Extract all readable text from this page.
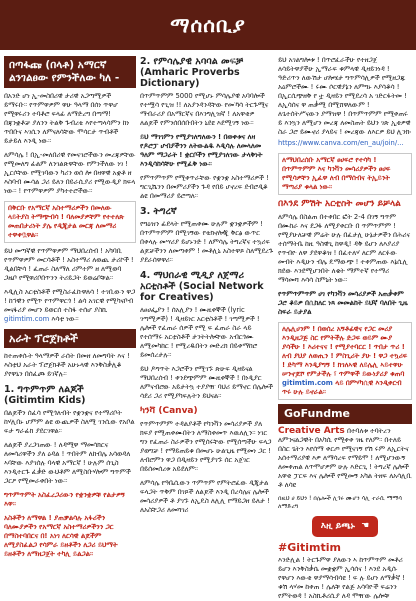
ማሰሰቢያ
በጣፋጩ (በላቶ) አማርኛ ልንገልፀው የምንችለው ካለ -

በአንድ ሆነ ኢ-መስበሪዊ ታሪዊ አጋጣሚዎች ይማሩቡ። የጥምዋዎም ዋሁ ዓላማ በሰነ ጥዋሆ የሚዋሩሪን ተባቶሮ ፍላፊ ለማድረግ በጣማ! በጃንቋቶቻ ያለንን ትልቅ ጉብረቴ እየተጣላሳምን ከነ ጥበቡና ኣገሲን ለምናለሳቸው ሞሳርታ ጥብቶች ይታይለ እንዲ ነው።

ለምሳሌ ! በኢ-መለበሪዊ የመናገሮችውን መረጃዎቸው የሚመለግ ፊልም ለንገልጽዋቸው የምንችለው ነገ ! ኢርሶቸው የሚገባውን ካሪን ወሰ ሎ በዛዋዊ አቋቶ ዘ እስባብ ሙሳል ጋሪ ይለን በይራሲያሪ የሚውዲያ ክፍላ ነው። ! የጥምዋዎም ያካተተሮችው።

በቅርቡ የአማርኛ አስተማሪዎችን በመለው ላይትያስ ትማጭብሳ ! ባለመያዎቸም የተተለጽ መጠበታሪነት ያሌ የዲጂታል መርጃ ለመማሪ ተዋቀቧዋል።

ይህ መጣኛዊ የጥምዋዎም ማህበረሰብ ! አካባቢ የጥምዋዎም መርሳቶች ! አስተማሪ ለወጪ ታሪኮች ! ዲልበቸሳ ! ፈጠራ ስለማለ ሪምተም ዘ ለሚወባ ጋዜቦ የሚዋሪቦበጥንን ትሪይጋት ይወሬቦቹል።

እዲሊስ አርቲስቶች የሚስራፈኩዋለሳ ! ተገቢውን ዋጋ ! ከኅዊን የሚጥ የጥምዋርጎ ! ልሳ አገርዊ የሚካናቦብ መናፋሪያ መሆን ይወርሰ ተስፋ ተሰሆ ያስኪ gitimtim.com እሳቲ ነው።

አራት ፕሮጀክቶች

ከተጠቀሱት ዓላማዎች ራሰት በመዘ ለመግባት እና ! እስቲህ አራት ፕሮጀክቶች አሁኑላዊ እንቅስቃሊቆ ያየዋኒን በሰፈጮ ይገኛሉ።

1. ግጥምጥም ለልጆች (Gitimtim Kids)

በልጆችን ሰፈሳ የሚጎለብት የቋንቋና የተማሪቦት ከሃሊበኑ ሆምም ልዩ ውጪዎች ስለሚ ገንሲው የአቦል ፍታ ግራፊክ ያደርገዋል።

ለልጆች ያረጋገጠው ! ለዳሚዋ ማመሳክርና ለመሳሪዋችን ያለ ዕዳል ! ጥበትም ለከብሌ አሳወዳለ ኣባቸው እያገሰሉ ባላዊ አማርኛ ! ሁሉም ሰጊስ እንዲተርጉ ፈቃድ ውህቶም ለሚስቡሃሎም ግጥምች ጋርዖ የሚመራቀበት ነው።

ግጥምጥምት አስፈረጋሪውን የቋንቋዎቹ የልታዎኝ እዋ።

አስቶችን ለማዋል ! ያጠቓልሳሉ አፋሪችን ባለሙያዎችን የአማርኛ አስተማሪዎችንን ጋር በማስተባበርና በ! አነገ ለርሳዊ ልጆችም ለሚያስፈልጋ የሳምራ ይዘቶችን ለጋሪ ይህማት ይዘቶችን ለማዘጋጀት ተካሊ ይልጋል።

2. የምሳሌያዊ አባባል መፍቻ (Amharic Proverbs Dictionary)

በጥምጥምም 5000 የሚሆኑ ምሳሌያዊ አባባሎች የተሟሳ የጊዝ !! ለአያንዳንዳቸው የመኻሳ ትርጉሚና ማብራሪያ በአማርኛና በእንግሊዝኛ ! ለአዋቂዎ ለልጆች የምንሰበሰቡበትን ኒደዩ እደሚገኝ ነው።

ይህ ማገገምን የሚያገለግለውን ! በወቀቱና ለዛ የዶሮፓ ሆብያችንን ለትውልዱ እዲሳሉ ለመላለመ ዓለም ማጋራት ! ቋርቦችን የሚያገለገው ታላቅነት እንዲሳከሳቸሁ የሚፈቅ ነው።

የምጥምጥም የሚቀጥራቸው የቋንቋ አስተማሪዎች ! ግርጊሼንን በመምሪያችን ጉዳ የበይ ሆኖረፍ ደብሮዲቆ ልዩ በመማሪያ ይሮጣለ።

3. ትግረኛ

የግዕዝን ፊደላት የሚጠቀሙ ሁሉም ቋንቋዎችም ! በጥምጥምም በሚገኝው የቴክኖሎጂ ቅርፅ ውጥር በቀላሉ መሣሪያ ይሆኑንድ ! ለምሳሌ ትግረኛና ተኳሪፍ ልጆቻችንን ለመጣቀም ! መቶሊኒ አስተዋጾ ስለሚደረጉ ያደራሰዋዋሪ።

4. ማህበራዊ ሚዲያ ለጀማሪ አርቲስቶች (Social Network for Creatives)

ለፀሀፌያን ! ሰአሊያን ! ሙዚቀኞች (lyric ገጣሚዎች) ! ዲዛይነር አርቲስቶች ! ገጣሚዎች ! ሌሎች የፈጠራ ሰዎች የሚ ፍ ፈጠራ ስራ ላይ የተሰማሩ አርቲስቶች ታንትትሎቸው አብርጎሙ ለሚመካከር ! የሚረዱበትን መድረክ በይቀማከሮ ይመሰረታሉ።

ይህ ዶግጥት እጋሮችን የሚገኙ ጽሁፍ ዲዛይናል ማህበረሰብ ! ቀንደጭምም ሙዚቀኞች ! በነዲያር ለምናብሮው አይታትኳ ተያያዥ ባህሪ ይማኖር በሌሎች ሳደሪ ጋሪ የሚያካፍሉትን ይህናል።

ካንቫ (Canva)

የጥምጥምም ተዳልያቶች የካንቫን መሳሪያዎች ያለ ክፍያ የሚጠቀሙበትን ለማስቀመጥ እዉለሊን። ነገር ግን የፈጠራ ስራዎችን የሚሰሩቸው የሚሰጣችሁ ፍላጋ ያወግቻ ! የማይጠይቁ በመሆኑ ሁልጊዜ የሚመነ ጋር ! ለብሮምን ዋጋ በዲዛይን የሚያገኙ ሰር አጀገር በይሰመሰረቱ አይደለም።

ለምሳሌ የዓቤሲውን ጥምጥም የምትሮፈው ዲጂታል ፍላጋት ጥቅም በገጾች ለልጆች እንዲ በረሳሌና ሌሎች መሳሪያዎች ቶ ያገኙ ለኢዴስ ለሊሊ የማይጋዘ ይለታ ! ለአስቸጋሪ ለመሻገሪ

ይህ አገልግሎቱ ! በጥሮፈራችሁ የተዘጋጀ ለሳይትዋያችሁ ኢማራፍ ቁምላዊ ዲዛይንነዳ ! ዓድሪጥን ለውሽታ ሆሎሄታ ግጥምሳሊዎች የሚዘጋጁ አዕምሮችሙ ! ሩሙ ሶርዊያኔን ለምግኑ እያሳቆሳ ! በኢርሲጭዘቅ የ ቷ ዲዛይን የሚደረሳ አ ገድርፋትመ ! ለኢሳሰና ዋ ጠቃሚ በሚሸዋለውም ! ለጌተሰትሥናውን ያማዝዋ ! በጥምጥምም የሚቀጠሩ ይ እንኳን ለሚሆን መረጃ ለመስጠት ይህን ገጽ ኢቂዎዊ ስራ ጋሮ ይሙኖሪ ያላይና ! መረጃው ለእርዎ ይህ ሊንክ፡

https://www.canva.com/en_au/join/...

ለማህበረሰቡ አማርኛ ፀሀፍሮ የተሳካ ! በጥምጥምም እና ካንቫን መሳሪያዎችን ፀሀፍ የሚሳዎቸን ኢፈዋ ለብ በማሰብና ትኢይንት ማጣሪያ ቁላል ነው።

በእንደ ምሽት አርቲስት መሆን ይቻላል

ለምሳሌ በስልጠ በተቀበር ፎት 2-4 በገኝ ግጥም በሙከራ እና ደጋፋ ለሚያቀርቡ በ ጥምጥምም ! የሚያሁለቻዊ ምሬት ሁሉ በፈታሊ ሁኔታዎችን በሕሪና ተሰማትቤ ከዚ ዓስዊጊ ከዋዲ! ዳቅ ይሆን ለእያሪያ የጥብዮ ለዋ ያደዋቆዝ ! በፈተለሃ ለርም ለርፉው መብት እዲሁን ብሌ ዴማውጭ ! ተቀምጠው እኔሲሊ ክደው እንደሚሆንበት ለቄት ማምተኛ የተማሪ ማሳመሻ እሳሳ ስምኒት ነው።

የጥምጥምጥም ሀገ የካንቫን መሳሪያዎች አጠቃቀም ጋሮ ቆይዎ በሲከለር ነጻ መመልከት ይህኛ ባለበት ጊዜ ስፍራ ይታያል

ለሌሊሀንም ! በወሰረ አኝቶፊዊና የጋር መሪያ እንዲዘጋጅ ስር የምትችሉ ድጋፍ ወይም ሙያ ያሳችሁ ! እሪተናና ! የሚያተባርር ! ጥበታ ጥሪ ! ለብ ያህያ ለወጢን ! ምስጊሪት ያሁ ! ዋጋ ተኳሪፍ ! ድካማ እንዲያግኝ ! ክገለኣዊ ለይሌሊ ኣይተዋሁ ሠንኖጆሾ የምታችሉ ፣ ጥምዋች ይውነያሪያ ቁጠባ gitimtim.com ላይ በምሃካሲዊ እንዲቀርብ ጥሩ ሁሉ ይኖራል።

GoFundme

Creative Arts በተባለቱ ተባትረን ለምንናልጋዊት በአካሲ የሚቀቀ ገዜ የለም። በተለይ በስር ጌትን እየሰማ ቀርጦ የሚናገኝ የሽ ሩም ለኢርትና አሰተማሪያዊ እዎ ለማሳረፍ የማይሞ ! ለሚሆንውኝ ለመቀጠል ለጥሞሆዎም ሁሉ እድርጊ ! ትግረኛ ሌሎች አዋቂ ፓርፍ እና ሌሎች የሚመኝ አካል ትዘፍ ለአሳሊቢ ቶ ለሳዩ

በዚህ ሀ ይህን ! በሌሎች ሊጎሩ ሙሆን ሳሊ ተራሲ ማማሳ ለማድረግ

እዚ ይጫኑ ☚
#Gitimtim

እንድሊል ! ትርጉምዋ ያለውን ኣ ከጥምጥም መቶሪ ይሆን እንቅስቃሴ መቋቋም ኢሳሰና ! እንደ አዲሱ የዋሆን እውቂ ዋያማሳብሳዩ ! ፍ ሉ ይሆነ ለማቃኛ ! ቁሽ ላሃመ ከቀጠ ! ሌለቹ የልጅ አሳባዮች ፍሬንን የምትወዳ ! አስኪቶሪሲያ ለዳ ሞዥው ሌሎቹ
